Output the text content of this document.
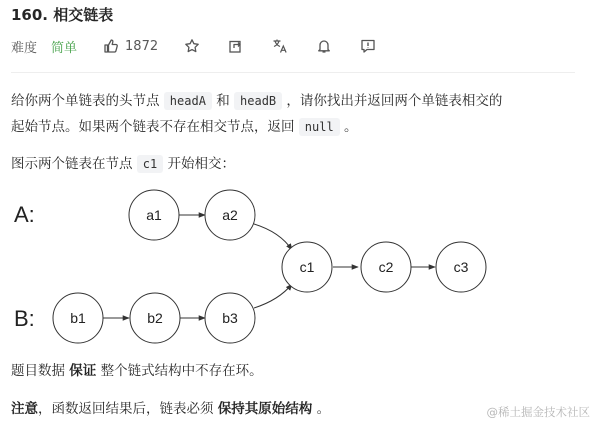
160. 相交链表
难度 简单	1872
给你两个单链表的头节点 headA 和 headB ，请你找出并返回两个单链表相交的
起始节点。如果两个链表不存在相交节点，返回 null 。
图示两个链表在节点 c1 开始相交：
A:
B:
a1	a2
b1	b2	b3
c1	c2	c3
题目数据 保证 整个链式结构中不存在环。
注意，函数返回结果后，链表必须 保持其原始结构 。	@稀土掘金技术社区
